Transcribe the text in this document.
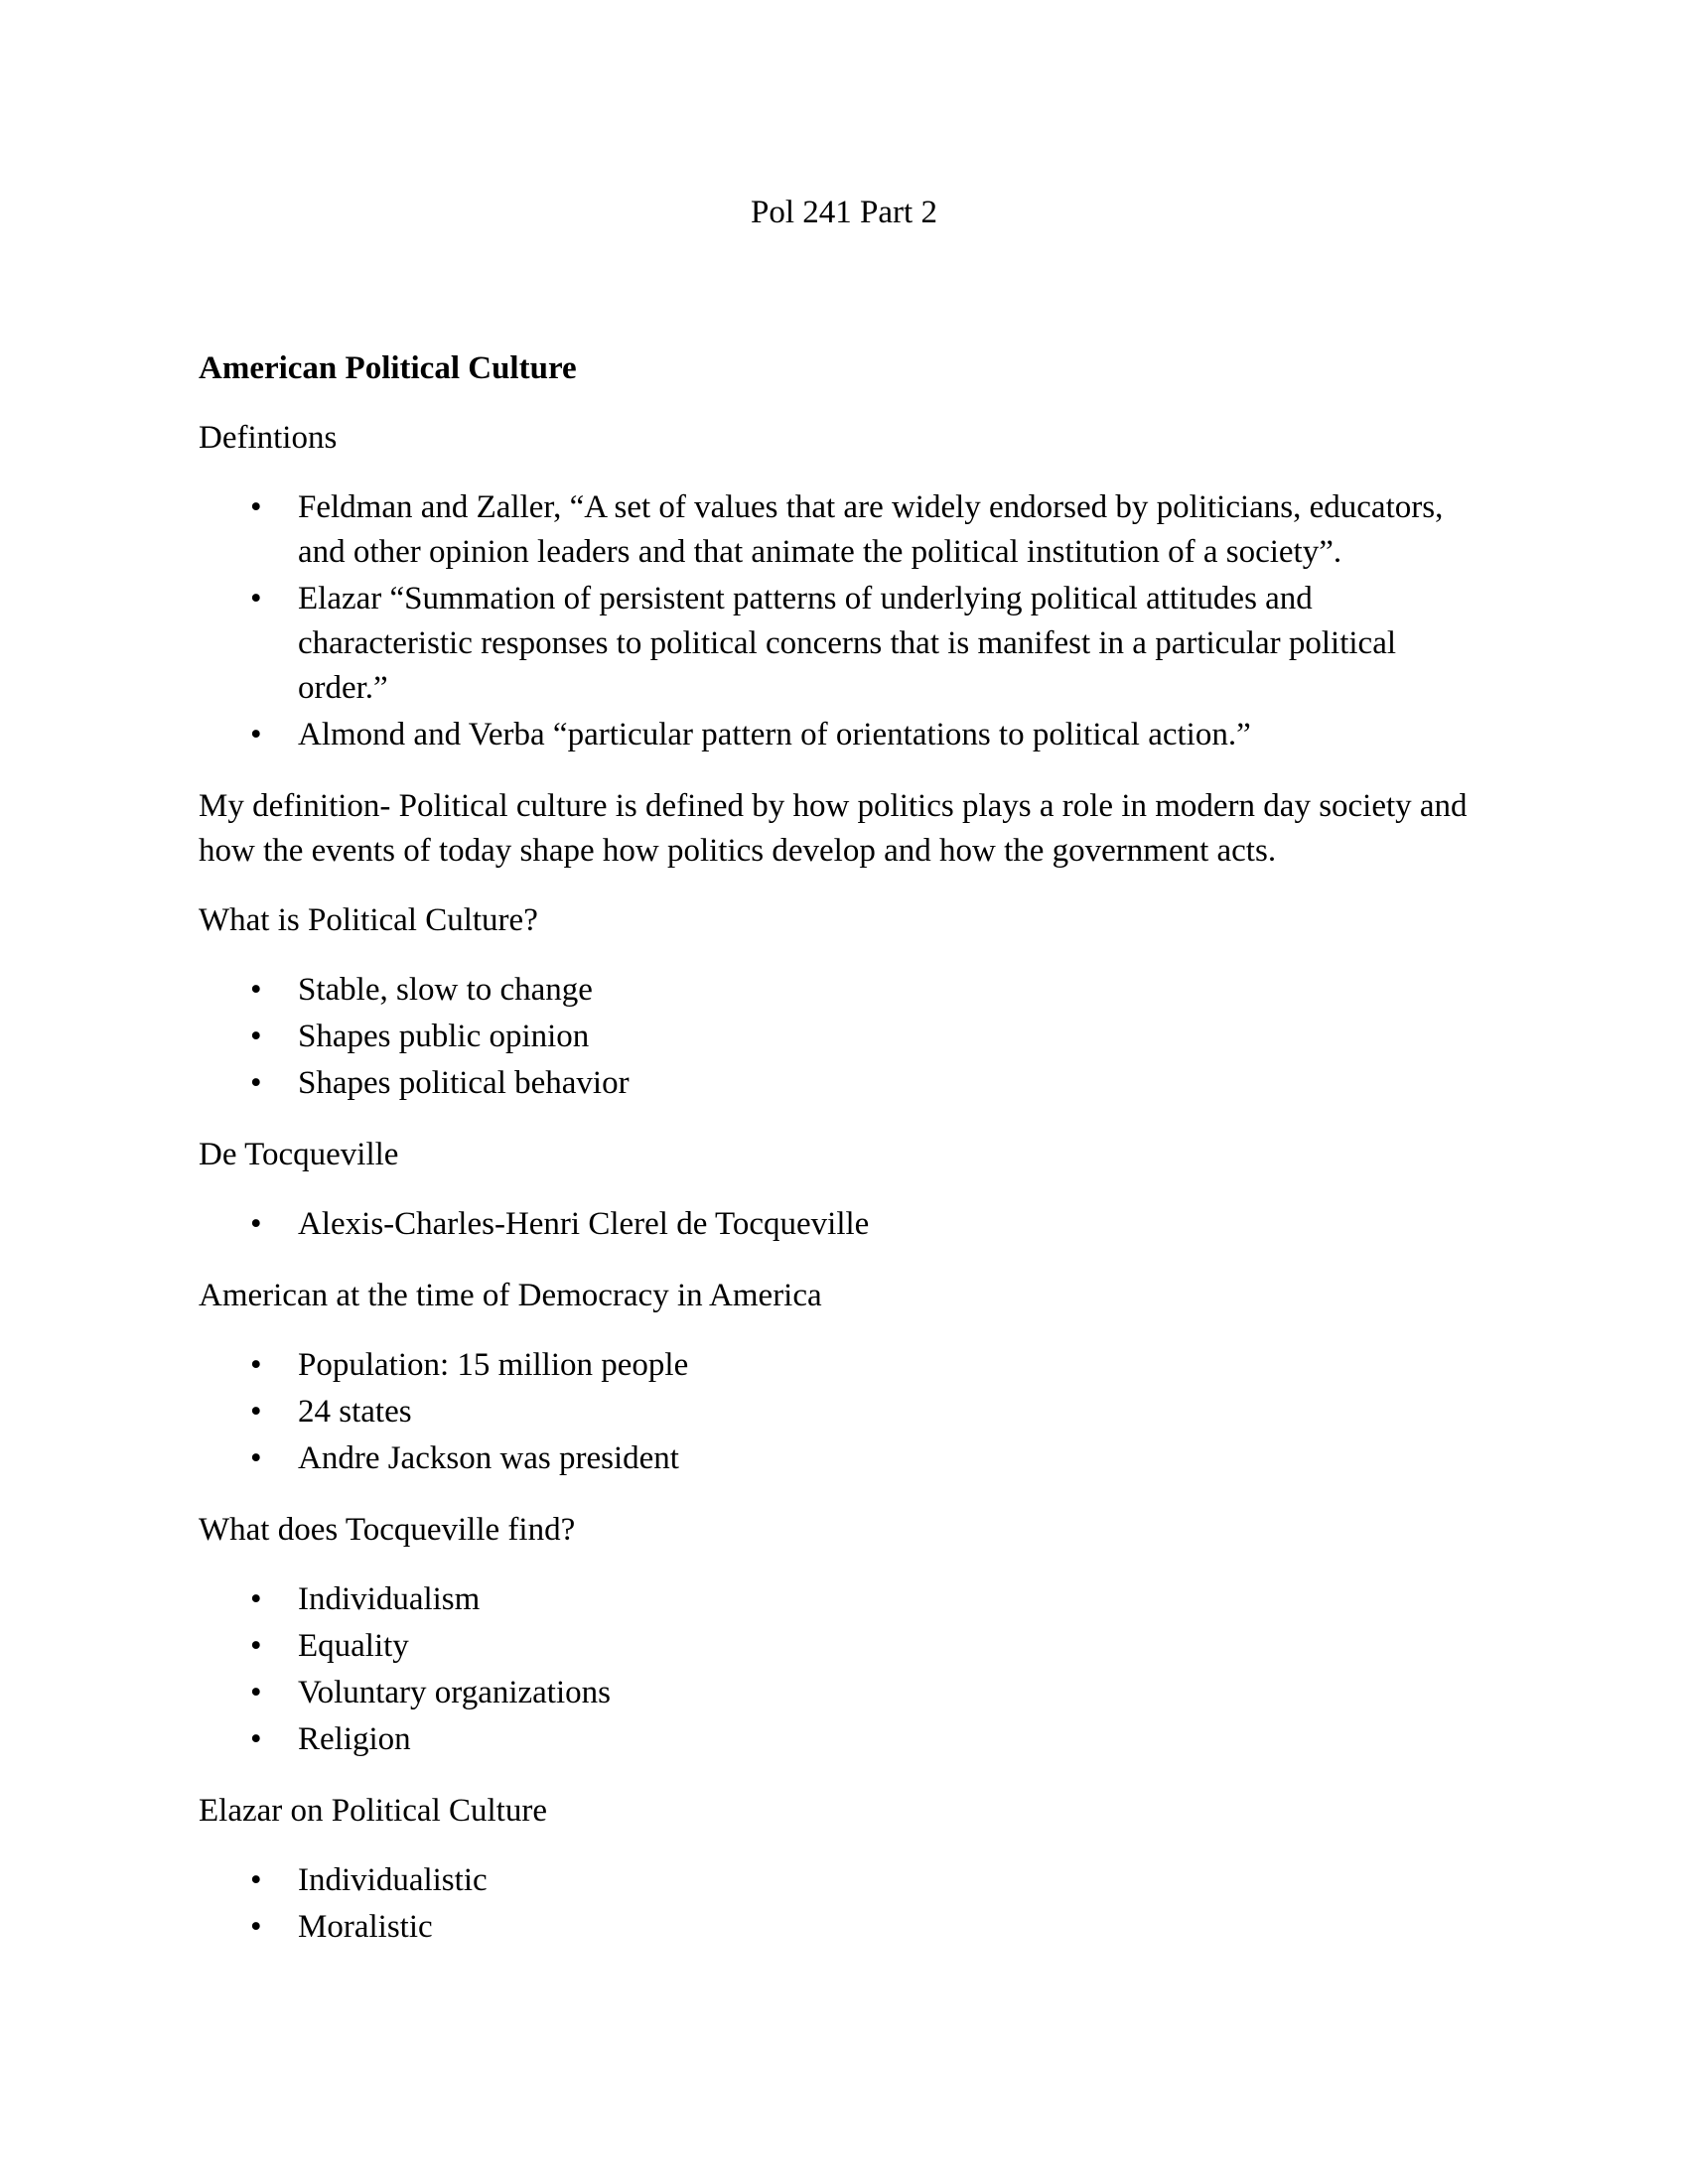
Pol 241 Part 2

American Political Culture

Defintions

• Feldman and Zaller, “A set of values that are widely endorsed by politicians, educators, and other opinion leaders and that animate the political institution of a society”.
• Elazar “Summation of persistent patterns of underlying political attitudes and characteristic responses to political concerns that is manifest in a particular political order.”
• Almond and Verba “particular pattern of orientations to political action.”

My definition- Political culture is defined by how politics plays a role in modern day society and how the events of today shape how politics develop and how the government acts.

What is Political Culture?

• Stable, slow to change
• Shapes public opinion
• Shapes political behavior

De Tocqueville

• Alexis-Charles-Henri Clerel de Tocqueville

American at the time of Democracy in America

• Population: 15 million people
• 24 states
• Andre Jackson was president

What does Tocqueville find?

• Individualism
• Equality
• Voluntary organizations
• Religion

Elazar on Political Culture

• Individualistic
• Moralistic
